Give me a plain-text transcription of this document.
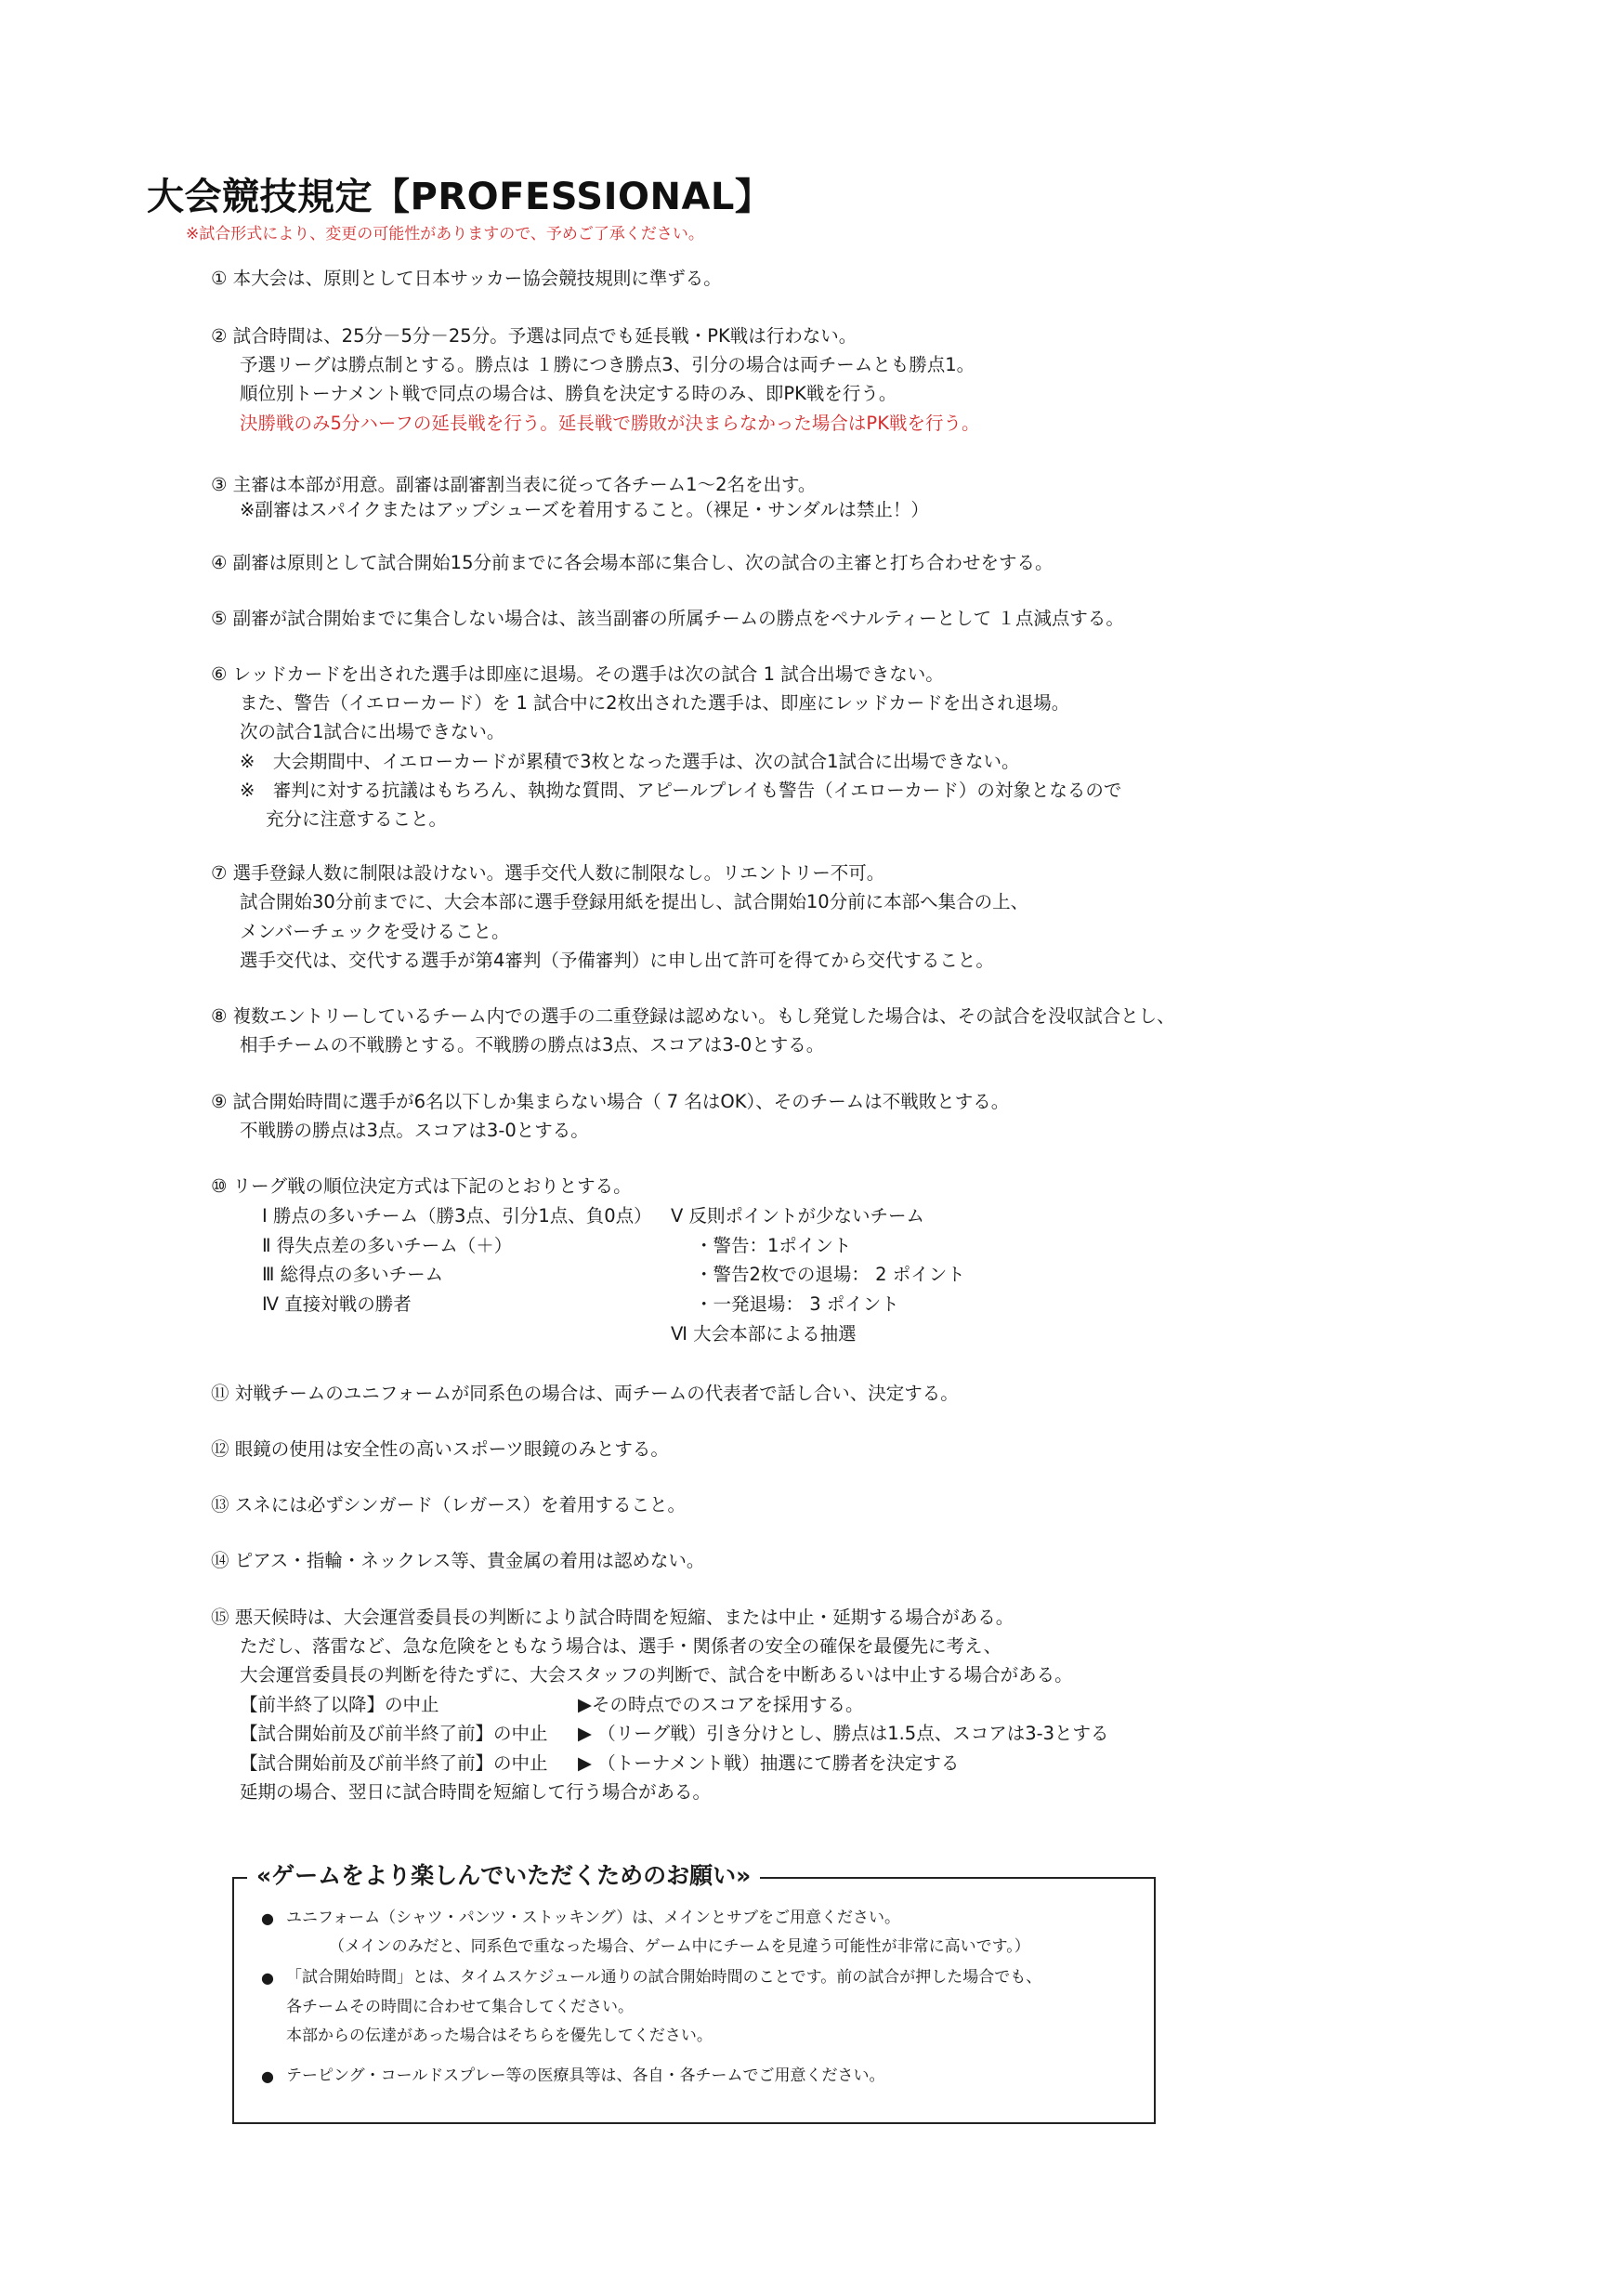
大会競技規定【PROFESSIONAL】
※試合形式により、変更の可能性がありますので、予めご了承ください。
① 本大会は、原則として日本サッカー協会競技規則に準ずる。
② 試合時間は、25分－5分－25分。予選は同点でも延長戦・PK戦は行わない。
予選リーグは勝点制とする。勝点は １勝につき勝点3、引分の場合は両チームとも勝点1。
順位別トーナメント戦で同点の場合は、勝負を決定する時のみ、即PK戦を行う。
決勝戦のみ5分ハーフの延長戦を行う。延長戦で勝敗が決まらなかった場合はPK戦を行う。
③ 主審は本部が用意。副審は副審割当表に従って各チーム1～2名を出す。
※副審はスパイクまたはアップシューズを着用すること。（裸足・サンダルは禁止！）
④ 副審は原則として試合開始15分前までに各会場本部に集合し、次の試合の主審と打ち合わせをする。
⑤ 副審が試合開始までに集合しない場合は、該当副審の所属チームの勝点をペナルティーとして １点減点する。
⑥ レッドカードを出された選手は即座に退場。その選手は次の試合 1 試合出場できない。
また、警告（イエローカード）を 1 試合中に2枚出された選手は、即座にレッドカードを出され退場。
次の試合1試合に出場できない。
※　大会期間中、イエローカードが累積で3枚となった選手は、次の試合1試合に出場できない。
※　審判に対する抗議はもちろん、執拗な質問、アピールプレイも警告（イエローカード）の対象となるので
充分に注意すること。
⑦ 選手登録人数に制限は設けない。選手交代人数に制限なし。リエントリー不可。
試合開始30分前までに、大会本部に選手登録用紙を提出し、試合開始10分前に本部へ集合の上、
メンバーチェックを受けること。
選手交代は、交代する選手が第4審判（予備審判）に申し出て許可を得てから交代すること。
⑧ 複数エントリーしているチーム内での選手の二重登録は認めない。もし発覚した場合は、その試合を没収試合とし、
相手チームの不戦勝とする。不戦勝の勝点は3点、スコアは3-0とする。
⑨ 試合開始時間に選手が6名以下しか集まらない場合（ 7 名はOK）、そのチームは不戦敗とする。
不戦勝の勝点は3点。スコアは3-0とする。
⑩ リーグ戦の順位決定方式は下記のとおりとする。
Ⅰ 勝点の多いチーム（勝3点、引分1点、負0点）
Ⅱ 得失点差の多いチーム（＋）
Ⅲ 総得点の多いチーム
Ⅳ 直接対戦の勝者
Ⅴ 反則ポイントが少ないチーム
・警告：1ポイント
・警告2枚での退場： 2 ポイント
・一発退場： 3 ポイント
Ⅵ 大会本部による抽選
⑪ 対戦チームのユニフォームが同系色の場合は、両チームの代表者で話し合い、決定する。
⑫ 眼鏡の使用は安全性の高いスポーツ眼鏡のみとする。
⑬ スネには必ずシンガード（レガース）を着用すること。
⑭ ピアス・指輪・ネックレス等、貴金属の着用は認めない。
⑮ 悪天候時は、大会運営委員長の判断により試合時間を短縮、または中止・延期する場合がある。
ただし、落雷など、急な危険をともなう場合は、選手・関係者の安全の確保を最優先に考え、
大会運営委員長の判断を待たずに、大会スタッフの判断で、試合を中断あるいは中止する場合がある。
【前半終了以降】の中止	▶その時点でのスコアを採用する。
【試合開始前及び前半終了前】の中止 ▶ （リーグ戦）引き分けとし、勝点は1.5点、スコアは3-3とする
【試合開始前及び前半終了前】の中止 ▶ （トーナメント戦）抽選にて勝者を決定する
延期の場合、翌日に試合時間を短縮して行う場合がある。
«ゲームをより楽しんでいただくためのお願い»
● ユニフォーム（シャツ・パンツ・ストッキング）は、メインとサブをご用意ください。
（メインのみだと、同系色で重なった場合、ゲーム中にチームを見違う可能性が非常に高いです。）
● 「試合開始時間」とは、タイムスケジュール通りの試合開始時間のことです。前の試合が押した場合でも、
各チームその時間に合わせて集合してください。
本部からの伝達があった場合はそちらを優先してください。
● テーピング・コールドスプレー等の医療具等は、各自・各チームでご用意ください。
